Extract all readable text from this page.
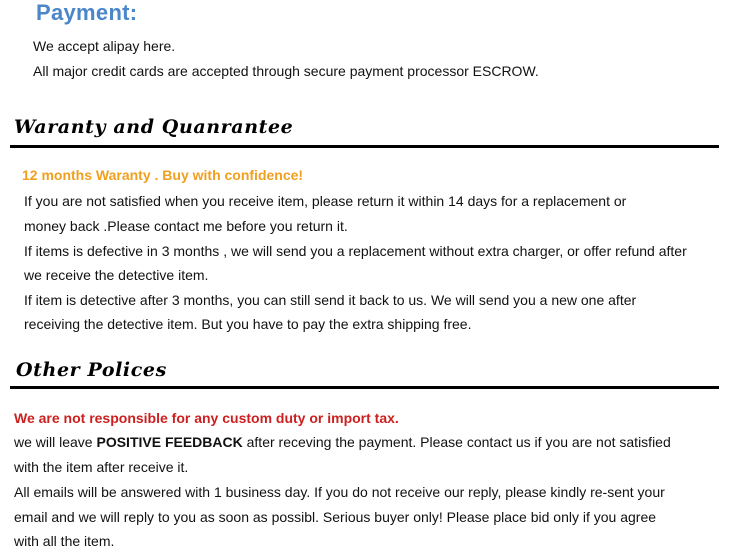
Payment:
We accept alipay here.
All major credit cards are accepted through secure payment processor ESCROW.
Waranty and Quanrantee
12 months Waranty . Buy with confidence!
If you are not satisfied when you receive item, please return it within 14 days for a replacement or
money back .Please contact me before you return it.
If items is defective in 3 months , we will send you a replacement without extra charger, or offer refund after
we receive the detective item.
If item is detective after 3 months, you can still send it back to us. We will send you a new one after
receiving the detective item. But you have to pay the extra shipping free.
Other Polices
We are not responsible for any custom duty or import tax.
we will leave POSITIVE FEEDBACK after receving the payment. Please contact us if you are not satisfied
with the item after receive it.
All emails will be answered with 1 business day. If you do not receive our reply, please kindly re-sent your
email and we will reply to you as soon as possibl. Serious buyer only! Please place bid only if you agree
with all the item.
